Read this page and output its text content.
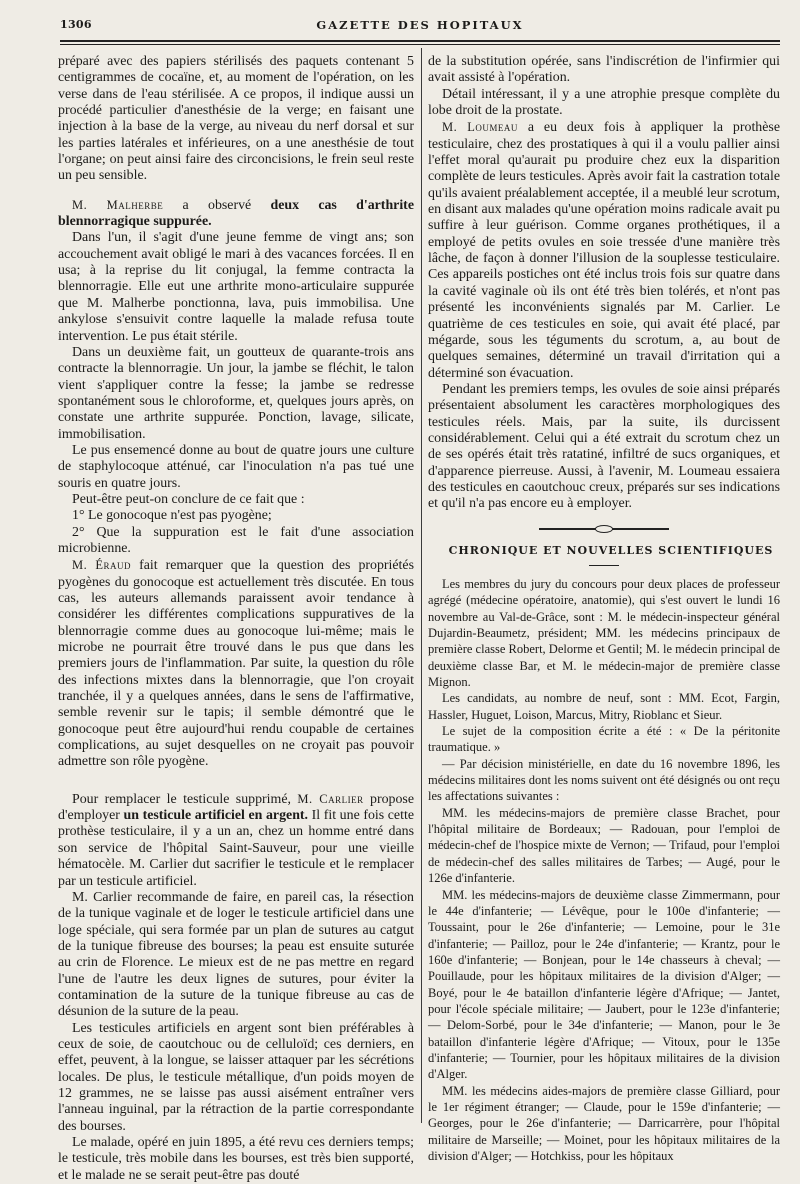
1306	GAZETTE DES HOPITAUX

préparé avec des papiers stérilisés des paquets contenant 5 centigrammes de cocaïne, et, au moment de l'opération, on les verse dans de l'eau stérilisée. A ce propos, il indique aussi un procédé particulier d'anesthésie de la verge; en faisant une injection à la base de la verge, au niveau du nerf dorsal et sur les parties latérales et inférieures, on a une anesthésie de tout l'organe; on peut ainsi faire des circoncisions, le frein seul reste un peu sensible.

M. Malherbe a observé deux cas d'arthrite blennorragique suppurée.

Dans l'un, il s'agit d'une jeune femme de vingt ans; son accouchement avait obligé le mari à des vacances forcées. Il en usa; à la reprise du lit conjugal, la femme contracta la blennorragie. Elle eut une arthrite mono-articulaire suppurée que M. Malherbe ponctionna, lava, puis immobilisa. Une ankylose s'ensuivit contre laquelle la malade refusa toute intervention. Le pus était stérile.

Dans un deuxième fait, un goutteux de quarante-trois ans contracte la blennorragie. Un jour, la jambe se fléchit, le talon vient s'appliquer contre la fesse; la jambe se redresse spontanément sous le chloroforme, et, quelques jours après, on constate une arthrite suppurée. Ponction, lavage, silicate, immobilisation.

Le pus ensemencé donne au bout de quatre jours une culture de staphylocoque atténué, car l'inoculation n'a pas tué une souris en quatre jours.

Peut-être peut-on conclure de ce fait que :

1° Le gonocoque n'est pas pyogène;

2° Que la suppuration est le fait d'une association microbienne.

M. Éraud fait remarquer que la question des propriétés pyogènes du gonocoque est actuellement très discutée. En tous cas, les auteurs allemands paraissent avoir tendance à considérer les différentes complications suppuratives de la blennorragie comme dues au gonocoque lui-même; mais le microbe ne pourrait être trouvé dans le pus que dans les premiers jours de l'inflammation. Par suite, la question du rôle des infections mixtes dans la blennorragie, que l'on croyait tranchée, il y a quelques années, dans le sens de l'affirmative, semble revenir sur le tapis; il semble démontré que le gonocoque peut être aujourd'hui rendu coupable de certaines complications, au sujet desquelles on ne croyait pas pouvoir admettre son rôle pyogène.

Pour remplacer le testicule supprimé, M. Carlier propose d'employer un testicule artificiel en argent. Il fit une fois cette prothèse testiculaire, il y a un an, chez un homme entré dans son service de l'hôpital Saint-Sauveur, pour une vieille hématocèle. M. Carlier dut sacrifier le testicule et le remplacer par un testicule artificiel.

M. Carlier recommande de faire, en pareil cas, la résection de la tunique vaginale et de loger le testicule artificiel dans une loge spéciale, qui sera formée par un plan de sutures au catgut de la tunique fibreuse des bourses; la peau est ensuite suturée au crin de Florence. Le mieux est de ne pas mettre en regard l'une de l'autre les deux lignes de sutures, pour éviter la contamination de la suture de la tunique fibreuse au cas de désunion de la suture de la peau.

Les testicules artificiels en argent sont bien préférables à ceux de soie, de caoutchouc ou de celluloïd; ces derniers, en effet, peuvent, à la longue, se laisser attaquer par les sécrétions locales. De plus, le testicule métallique, d'un poids moyen de 12 grammes, ne se laisse pas aussi aisément entraîner vers l'anneau inguinal, par la rétraction de la partie correspondante des bourses.

Le malade, opéré en juin 1895, a été revu ces derniers temps; le testicule, très mobile dans les bourses, est très bien supporté, et le malade ne se serait peut-être pas douté

de la substitution opérée, sans l'indiscrétion de l'infirmier qui avait assisté à l'opération.

Détail intéressant, il y a une atrophie presque complète du lobe droit de la prostate.

M. Loumeau a eu deux fois à appliquer la prothèse testiculaire, chez des prostatiques à qui il a voulu pallier ainsi l'effet moral qu'aurait pu produire chez eux la disparition complète de leurs testicules. Après avoir fait la castration totale qu'ils avaient préalablement acceptée, il a meublé leur scrotum, en disant aux malades qu'une opération moins radicale avait pu suffire à leur guérison. Comme organes prothétiques, il a employé de petits ovules en soie tressée d'une manière très lâche, de façon à donner l'illusion de la souplesse testiculaire. Ces appareils postiches ont été inclus trois fois sur quatre dans la cavité vaginale où ils ont été très bien tolérés, et n'ont pas présenté les inconvénients signalés par M. Carlier. Le quatrième de ces testicules en soie, qui avait été placé, par mégarde, sous les téguments du scrotum, a, au bout de quelques semaines, déterminé un travail d'irritation qui a déterminé son évacuation.

Pendant les premiers temps, les ovules de soie ainsi préparés présentaient absolument les caractères morphologiques des testicules réels. Mais, par la suite, ils durcissent considérablement. Celui qui a été extrait du scrotum chez un de ses opérés était très ratatiné, infiltré de sucs organiques, et d'apparence pierreuse. Aussi, à l'avenir, M. Loumeau essaiera des testicules en caoutchouc creux, préparés sur ses indications et qu'il n'a pas encore eu à employer.

CHRONIQUE ET NOUVELLES SCIENTIFIQUES

Les membres du jury du concours pour deux places de professeur agrégé (médecine opératoire, anatomie), qui s'est ouvert le lundi 16 novembre au Val-de-Grâce, sont : M. le médecin-inspecteur général Dujardin-Beaumetz, président; MM. les médecins principaux de première classe Robert, Delorme et Gentil; M. le médecin principal de deuxième classe Bar, et M. le médecin-major de première classe Mignon.

Les candidats, au nombre de neuf, sont : MM. Ecot, Fargin, Hassler, Huguet, Loison, Marcus, Mitry, Rioblanc et Sieur.

Le sujet de la composition écrite a été : « De la péritonite traumatique. »

— Par décision ministérielle, en date du 16 novembre 1896, les médecins militaires dont les noms suivent ont été désignés ou ont reçu les affectations suivantes :

MM. les médecins-majors de première classe Brachet, pour l'hôpital militaire de Bordeaux; — Radouan, pour l'emploi de médecin-chef de l'hospice mixte de Vernon; — Trifaud, pour l'emploi de médecin-chef des salles militaires de Tarbes; — Augé, pour le 126e d'infanterie.

MM. les médecins-majors de deuxième classe Zimmermann, pour le 44e d'infanterie; — Lévêque, pour le 100e d'infanterie; — Toussaint, pour le 26e d'infanterie; — Lemoine, pour le 31e d'infanterie; — Pailloz, pour le 24e d'infanterie; — Krantz, pour le 160e d'infanterie; — Bonjean, pour le 14e chasseurs à cheval; — Pouillaude, pour les hôpitaux militaires de la division d'Alger; — Boyé, pour le 4e bataillon d'infanterie légère d'Afrique; — Jantet, pour l'école spéciale militaire; — Jaubert, pour le 123e d'infanterie; — Delom-Sorbé, pour le 34e d'infanterie; — Manon, pour le 3e bataillon d'infanterie légère d'Afrique; — Vitoux, pour le 135e d'infanterie; — Tournier, pour les hôpitaux militaires de la division d'Alger.

MM. les médecins aides-majors de première classe Gilliard, pour le 1er régiment étranger; — Claude, pour le 159e d'infanterie; — Georges, pour le 26e d'infanterie; — Darricarrère, pour l'hôpital militaire de Marseille; — Moinet, pour les hôpitaux militaires de la division d'Alger; — Hotchkiss, pour les hôpitaux
